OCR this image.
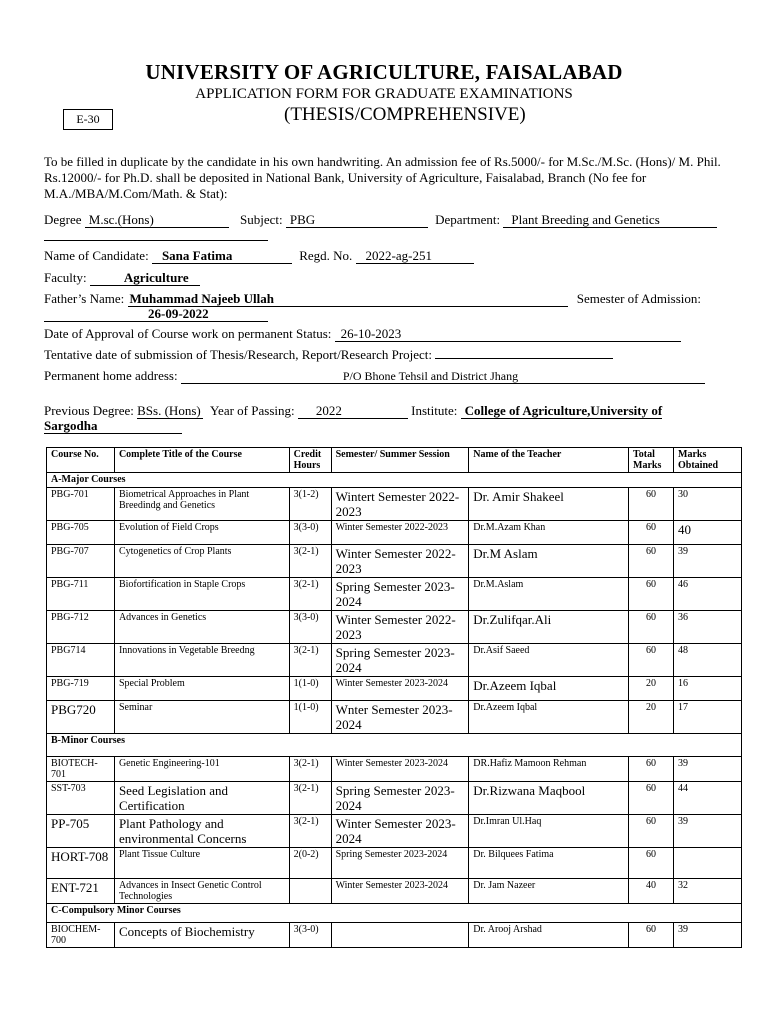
UNIVERSITY OF AGRICULTURE, FAISALABAD
APPLICATION FORM FOR GRADUATE EXAMINATIONS
E-30	(THESIS/COMPREHENSIVE)
To be filled in duplicate by the candidate in his own handwriting. An admission fee of Rs.5000/- for M.Sc./M.Sc. (Hons)/ M. Phil. Rs.12000/- for Ph.D. shall be deposited in National Bank, University of Agriculture, Faisalabad, Branch (No fee for M.A./MBA/M.Com/Math. & Stat):
Degree M.sc.(Hons)	Subject: PBG	Department: Plant Breeding and Genetics
Name of Candidate: Sana Fatima	Regd. No. 2022-ag-251
Faculty:	Agriculture
Father’s Name: Muhammad Najeeb Ullah	Semester of Admission:
26-09-2022
Date of Approval of Course work on permanent Status: 26-10-2023
Tentative date of submission of Thesis/Research, Report/Research Project:
Permanent home address:	P/O Bhone Tehsil and District Jhang
Previous Degree: BSs. (Hons) Year of Passing: 2022	Institute: College of Agriculture,University of
Sargodha
Course No.	Complete Title of the Course	Credit Hours	Semester/ Summer Session	Name of the Teacher	Total Marks	Marks Obtained
A-Major Courses						
PBG-701	Biometrical Approaches in Plant Breedindg and Genetics	3(1-2)	Wintert Semester 2022-2023	Dr. Amir Shakeel	60	30
PBG-705	Evolution of Field Crops	3(3-0)	Winter Semester 2022-2023	Dr.M.Azam Khan	60	40
PBG-707	Cytogenetics of Crop Plants	3(2-1)	Winter Semester 2022-2023	Dr.M Aslam	60	39
PBG-711	Biofortification in Staple Crops	3(2-1)	Spring Semester 2023-2024	Dr.M.Aslam	60	46
PBG-712	Advances in Genetics	3(3-0)	Winter Semester 2022-2023	Dr.Zulifqar.Ali	60	36
PBG714	Innovations in Vegetable Breedng	3(2-1)	Spring Semester 2023-2024	Dr.Asif Saeed	60	48
PBG-719	Special Problem	1(1-0)	Winter Semester 2023-2024	Dr.Azeem Iqbal	20	16
PBG720	Seminar	1(1-0)	Wnter Semester 2023-2024	Dr.Azeem Iqbal	20	17
B-Minor Courses						
BIOTECH-701	Genetic Engineering-101	3(2-1)	Winter Semester 2023-2024	DR.Hafiz Mamoon Rehman	60	39
SST-703	Seed Legislation and Certification	3(2-1)	Spring Semester 2023-2024	Dr.Rizwana Maqbool	60	44
PP-705	Plant Pathology and environmental Concerns	3(2-1)	Winter Semester 2023-2024	Dr.Imran Ul.Haq	60	39
HORT-708	Plant Tissue Culture	2(0-2)	Spring Semester 2023-2024	Dr. Bilquees Fatima	60	
ENT-721	Advances in Insect Genetic Control Technologies		Winter Semester 2023-2024	Dr. Jam Nazeer	40	32
C-Compulsory Minor Courses						
BIOCHEM-700	Concepts of Biochemistry	3(3-0)		Dr. Arooj Arshad	60	39
